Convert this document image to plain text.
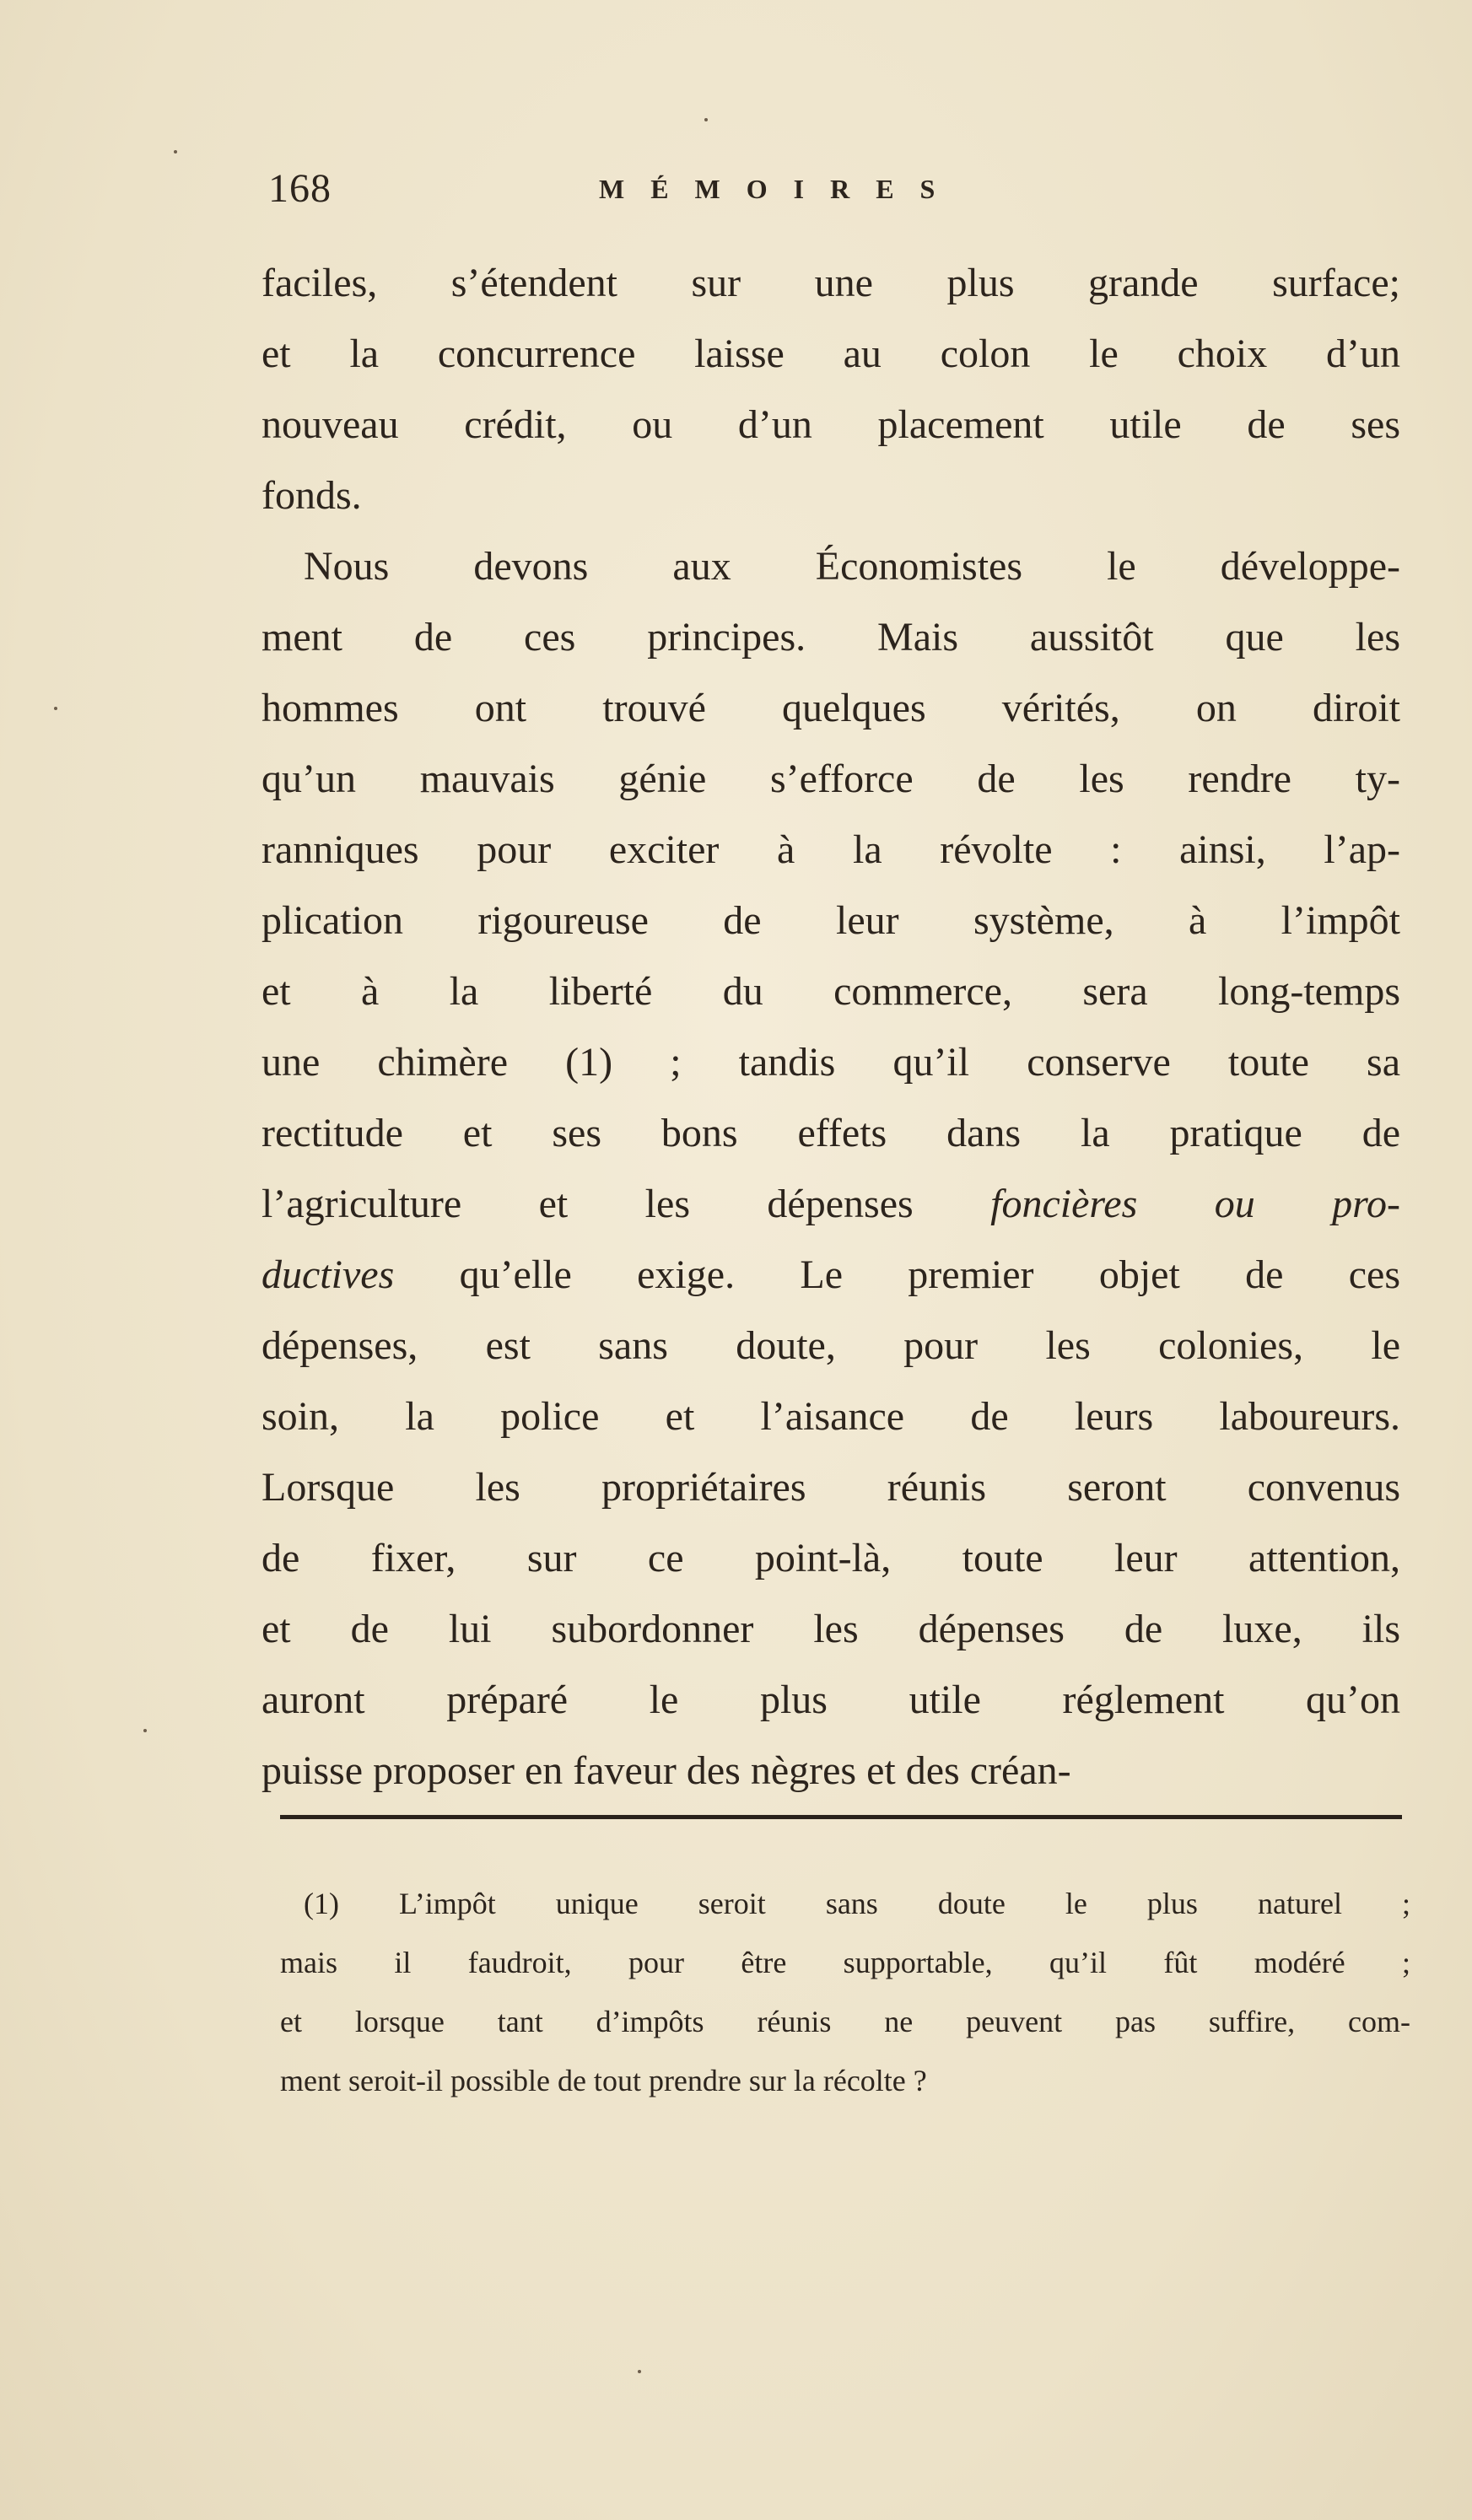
168	MÉMOIRES
faciles, s’étendent sur une plus grande surface;
et la concurrence laisse au colon le choix d’un
nouveau crédit, ou d’un placement utile de ses
fonds.
Nous devons aux Économistes le développe-
ment de ces principes. Mais aussitôt que les
hommes ont trouvé quelques vérités, on diroit
qu’un mauvais génie s’efforce de les rendre ty-
ranniques pour exciter à la révolte : ainsi, l’ap-
plication rigoureuse de leur système, à l’impôt
et à la liberté du commerce, sera long-temps
une chimère (1) ; tandis qu’il conserve toute sa
rectitude et ses bons effets dans la pratique de
l’agriculture et les dépenses foncières ou pro-
ductives qu’elle exige. Le premier objet de ces
dépenses, est sans doute, pour les colonies, le
soin, la police et l’aisance de leurs laboureurs.
Lorsque les propriétaires réunis seront convenus
de fixer, sur ce point-là, toute leur attention,
et de lui subordonner les dépenses de luxe, ils
auront préparé le plus utile réglement qu’on
puisse proposer en faveur des nègres et des créan-
(1) L’impôt unique seroit sans doute le plus naturel ;
mais il faudroit, pour être supportable, qu’il fût modéré ;
et lorsque tant d’impôts réunis ne peuvent pas suffire, com-
ment seroit-il possible de tout prendre sur la récolte ?
